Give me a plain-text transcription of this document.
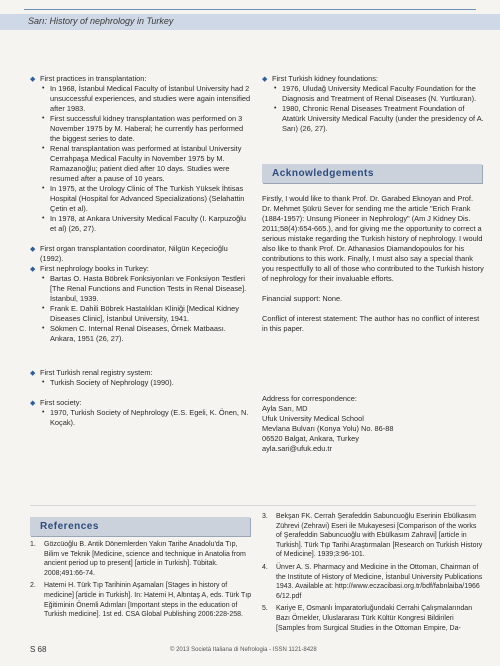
Sarı: History of nephrology in Turkey

◆ First practices in transplantation:

• In 1968, İstanbul Medical Faculty of İstanbul University had 2 unsuccessful experiences, and studies were again intensified after 1983.

• First successful kidney transplantation was performed on 3 November 1975 by M. Haberal; he currently has performed the biggest series to date.

• Renal transplantation was performed at İstanbul University Cerrahpaşa Medical Faculty in November 1975 by M. Ramazanoğlu; patient died after 10 days. Studies were resumed after a pause of 10 years.

• In 1975, at the Urology Clinic of The Turkish Yüksek İhtisas Hospital (Hospital for Advanced Specializations) (Selahattin Çetin et al).

• In 1978, at Ankara University Medical Faculty (I. Karpuzoğlu et al) (26, 27).

◆ First organ transplantation coordinator, Nilgün Keçecioğlu (1992).

◆ First nephrology books in Turkey:

• Bartas O. Hasta Böbrek Fonksiyonları ve Fonksiyon Testleri [The Renal Functions and Function Tests in Renal Disease]. İstanbul, 1939.

• Frank E. Dahili Böbrek Hastalıkları Kliniği [Medical Kidney Diseases Clinic], İstanbul University, 1941.

• Sökmen C. Internal Renal Diseases, Örnek Matbaası. Ankara, 1951 (26, 27).

◆ First Turkish renal registry system:

• Turkish Society of Nephrology (1990).

◆ First society:

• 1970, Turkish Society of Nephrology (E.S. Egeli, K. Önen, N. Koçak).

◆ First Turkish kidney foundations:

• 1976, Uludağ University Medical Faculty Foundation for the Diagnosis and Treatment of Renal Diseases (N. Yurtkuran).

• 1980, Chronic Renal Diseases Treatment Foundation of Atatürk University Medical Faculty (under the presidency of A. Sarı) (26, 27).

Acknowledgements

Firstly, I would like to thank Prof. Dr. Garabed Eknoyan and Prof. Dr. Mehmet Şükrü Sever for sending me the article "Erich Frank (1884-1957): Unsung Pioneer in Nephrology" (Am J Kidney Dis. 2011;58(4):654-665.), and for giving me the opportunity to correct a serious mistake regarding the Turkish history of nephrology. I would also like to thank Prof. Dr. Athanasios Diamandopoulos for his contributions to this work. Finally, I must also say a special thank you respectfully to all of those who contributed to the Turkish history of nephrology for their invaluable efforts.

Financial support: None.

Conflict of interest statement: The author has no conflict of interest in this paper.

Address for correspondence:

Ayla Sarı, MD

Ufuk University Medical School

Mevlana Bulvarı (Konya Yolu) No. 86-88

06520 Balgat, Ankara, Turkey

ayla.sari@ufuk.edu.tr

References

1. Gözcüoğlu B. Antik Dönemlerden Yakın Tarihe Anadolu'da Tıp, Bilim ve Teknik [Medicine, science and technique in Anatolia from ancient period up to present] [article in Turkish]. Tübitak. 2008;491:66-74.

2. Hatemi H. Türk Tıp Tarihinin Aşamaları [Stages in history of medicine] [article in Turkish]. In: Hatemi H, Altıntaş A, eds. Türk Tıp Eğitiminin Önemli Adımları [Important steps in the education of Turkish medicine]. 1st ed. CSA Global Publishing 2006:228-258.

3. Bekşan FK. Cerrah Şerafeddin Sabuncuoğlu Eserinin Ebülkasım Zührevi (Zehravi) Eseri ile Mukayesesi [Comparison of the works of Şerafeddin Sabuncuoğlu with Ebülkasım Zahravi] [article in Turkish]. Türk Tıp Tarihi Araştırmaları [Research on Turkish History of Medicine]. 1939;3:96-101.

4. Ünver A. S. Pharmacy and Medicine in the Ottoman, Chairman of the Institute of History of Medicine, İstanbul University Publications 1943. Available at: http://www.eczacibasi.org.tr/bdf/fabnlaiba/1966 6/12.pdf

5. Kariye E, Osmanlı İmparatorluğundaki Cerrahi Çalışmalarından Bazı Örnekler, Uluslararası Türk Kültür Kongresi Bildirileri [Samples from Surgical Studies in the Ottoman Empire, Da-

S 68	© 2013 Società Italiana di Nefrologia - ISSN 1121-8428
